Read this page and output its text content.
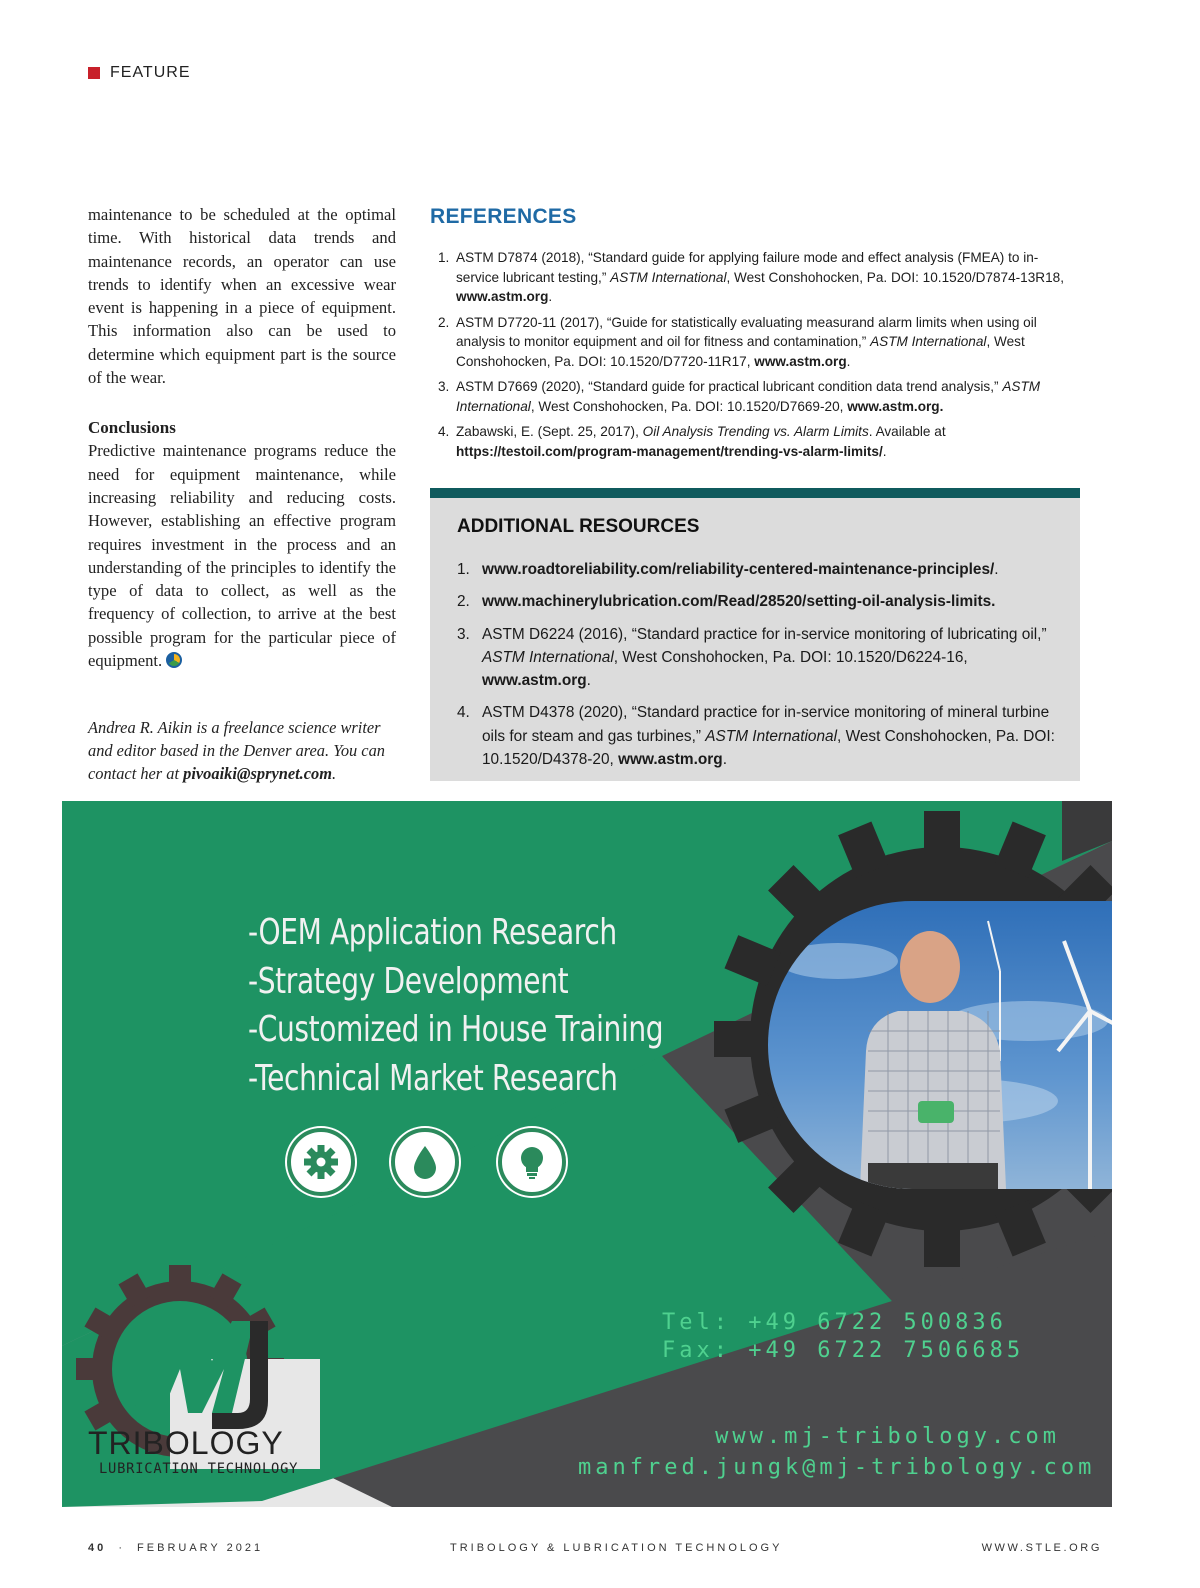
FEATURE

maintenance to be scheduled at the optimal time. With historical data trends and maintenance records, an operator can use trends to identify when an excessive wear event is happening in a piece of equipment. This information also can be used to determine which equipment part is the source of the wear.

Conclusions

Predictive maintenance programs reduce the need for equipment maintenance, while increasing reliability and reducing costs. However, establishing an effective program requires investment in the process and an understanding of the principles to identify the type of data to collect, as well as the frequency of collection, to arrive at the best possible program for the particular piece of equipment.

Andrea R. Aikin is a freelance science writer and editor based in the Denver area. You can contact her at pivoaiki@sprynet.com.
REFERENCES
1. ASTM D7874 (2018), “Standard guide for applying failure mode and effect analysis (FMEA) to in-service lubricant testing,” ASTM International, West Conshohocken, Pa. DOI: 10.1520/D7874-13R18, www.astm.org.
2. ASTM D7720-11 (2017), “Guide for statistically evaluating measurand alarm limits when using oil analysis to monitor equipment and oil for fitness and contamination,” ASTM International, West Conshohocken, Pa. DOI: 10.1520/D7720-11R17, www.astm.org.
3. ASTM D7669 (2020), “Standard guide for practical lubricant condition data trend analysis,” ASTM International, West Conshohocken, Pa. DOI: 10.1520/D7669-20, www.astm.org.
4. Zabawski, E. (Sept. 25, 2017), Oil Analysis Trending vs. Alarm Limits. Available at https://testoil.com/program-management/trending-vs-alarm-limits/.
ADDITIONAL RESOURCES
1. www.roadtoreliability.com/reliability-centered-maintenance-principles/.
2. www.machinerylubrication.com/Read/28520/setting-oil-analysis-limits.
3. ASTM D6224 (2016), “Standard practice for in-service monitoring of lubricating oil,” ASTM International, West Conshohocken, Pa. DOI: 10.1520/D6224-16, www.astm.org.
4. ASTM D4378 (2020), “Standard practice for in-service monitoring of mineral turbine oils for steam and gas turbines,” ASTM International, West Conshohocken, Pa. DOI: 10.1520/D4378-20, www.astm.org.
-OEM Application Research
-Strategy Development
-Customized in House Training
-Technical Market Research
Tel: +49 6722 500836
Fax: +49 6722 7506685
www.mj-tribology.com
manfred.jungk@mj-tribology.com
TRIBOLOGY
LUBRICATION TECHNOLOGY
40 · FEBRUARY 2021	TRIBOLOGY & LUBRICATION TECHNOLOGY	WWW.STLE.ORG
